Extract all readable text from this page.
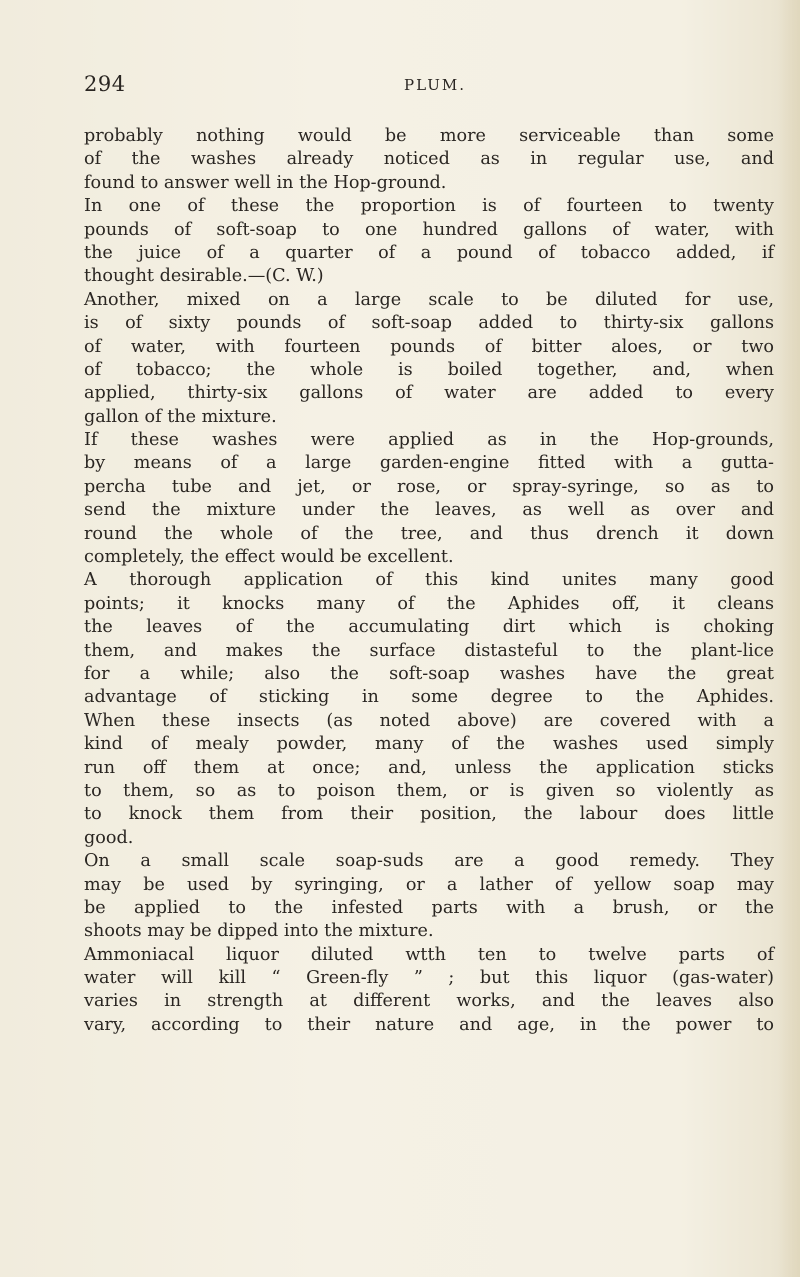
294	PLUM.
probably nothing would be more serviceable than some
of the washes already noticed as in regular use, and
found to answer well in the Hop-ground.
In one of these the proportion is of fourteen to twenty
pounds of soft-soap to one hundred gallons of water, with
the juice of a quarter of a pound of tobacco added, if
thought desirable.—(C. W.)
Another, mixed on a large scale to be diluted for use,
is of sixty pounds of soft-soap added to thirty-six gallons
of water, with fourteen pounds of bitter aloes, or two
of tobacco; the whole is boiled together, and, when
applied, thirty-six gallons of water are added to every
gallon of the mixture.
If these washes were applied as in the Hop-grounds,
by means of a large garden-engine fitted with a gutta-
percha tube and jet, or rose, or spray-syringe, so as to
send the mixture under the leaves, as well as over and
round the whole of the tree, and thus drench it down
completely, the effect would be excellent.
A thorough application of this kind unites many good
points; it knocks many of the Aphides off, it cleans
the leaves of the accumulating dirt which is choking
them, and makes the surface distasteful to the plant-lice
for a while; also the soft-soap washes have the great
advantage of sticking in some degree to the Aphides.
When these insects (as noted above) are covered with a
kind of mealy powder, many of the washes used simply
run off them at once; and, unless the application sticks
to them, so as to poison them, or is given so violently as
to knock them from their position, the labour does little
good.
On a small scale soap-suds are a good remedy. They
may be used by syringing, or a lather of yellow soap may
be applied to the infested parts with a brush, or the
shoots may be dipped into the mixture.
Ammoniacal liquor diluted wtth ten to twelve parts of
water will kill “ Green-fly ” ; but this liquor (gas-water)
varies in strength at different works, and the leaves also
vary, according to their nature and age, in the power to
